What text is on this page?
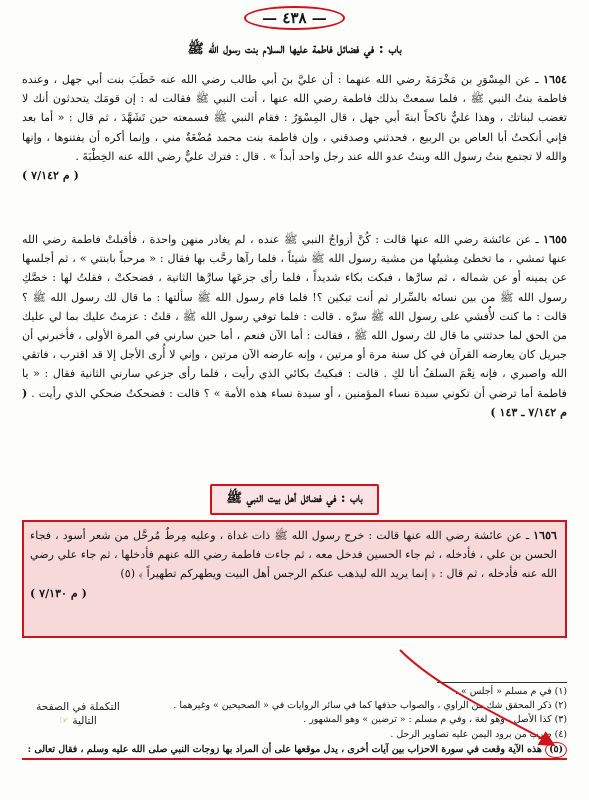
— ٤٣٨ —
باب : في فضائل فاطمة عليها السلام بنت رسول الله ﷺ

١٦٥٤ ـ عن المِسْوَرِ بن مَخْرَمَةَ رضي الله عنهما : أن عليَّ بنَ أبي طالب رضي الله عنه خَطَبَ بنت أبي جهل ، وعنده فاطمة بنتُ النبي ﷺ ، فلما سمعتْ بذلك فاطمة رضي الله عنها ، أتت النبي ﷺ فقالت له : إن قومَك يتحدثون أنك لا تغضب لبناتك ، وهذا عليٌّ ناكحاً ابنةَ أبي جهل ، قال المِسْوَرُ : فقام النبي ﷺ فسمعته حين تَشَهَّدَ ، ثم قال : « أما بعد فإني أنكحتُ أبا العاص بن الربيع ، فحدثني وصدقني ، وإن فاطمة بنت محمد مُضْغَةٌ مني ، وإنما أكره أن يفتنوها ، وإنها والله لا تجتمع بنتُ رسول الله وبنتُ عدو الله عند رجل واحد أبداً » . قال : فترك عليٌّ رضي الله عنه الخِطْبَةَ .

( م ٧/١٤٢ )

١٦٥٥ ـ عن عائشة رضي الله عنها قالت : كُنَّ أزواجُ النبي ﷺ عنده ، لم يغادر منهن واحدة ، فأقبلتْ فاطمة رضي الله عنها تمشي ، ما تخطئ مِشيتُها من مشية رسول الله ﷺ شيئاً ، فلما رآها رحَّب بها فقال : « مرحباً بابنتي » ، ثم أجلسها عن يمينه أو عن شماله ، ثم سارَّها ، فبكت بكاء شديداً ، فلما رأى جزعَها سارَّها الثانية ، فضحكتْ ، فقلتُ لها : خصَّكِ رسول الله ﷺ من بين نسائه بالسِّرار ثم أنت تبكين ؟! فلما قام رسول الله ﷺ سألتها : ما قال لك رسول الله ﷺ ؟ قالت : ما كنت لأُفشي على رسول الله ﷺ سرَّه . قالت : فلما توفي رسول الله ﷺ ، قلتُ : عزمتُ عليك بما لي عليك من الحق لما حدثتني ما قال لك رسول الله ﷺ ، فقالت : أما الآن فنعم ، أما حين سارني في المرة الأولى ، فأخبرني أن جبريل كان يعارضه القرآن في كل سنة مرة أو مرتين ، وإنه عارضه الآن مرتين ، وإني لا أُرى الأجل إلا قد اقترب ، فاتقي الله واصبري ، فإنه نِعْمَ السلفُ أنا لكِ . قالت : فبكيتُ بكائي الذي رأيت ، فلما رأى جزعي سارني الثانية فقال : « يا فاطمة أما ترضي أن تكوني سيدة نساء المؤمنين ، أو سيدة نساء هذه الأمة » ؟ قالت : فضحكتُ ضحكي الذي رأيت . ( م ٧/١٤٢ ـ ١٤٣ )

باب : في فضائل أهل بيت النبي ﷺ

١٦٥٦ ـ عن عائشة رضي الله عنها قالت : خرج رسول الله ﷺ ذات غداة ، وعليه مِرطٌ مُرحَّل من شعر أسود ، فجاء الحسن بن علي ، فأدخله ، ثم جاء الحسين فدخل معه ، ثم جاءت فاطمة رضي الله عنهم فأدخلها ، ثم جاء علي رضي الله عنه فأدخله ، ثم قال : ﴿ إنما يريد الله ليذهب عنكم الرجس أهل البيت ويطهركم تطهيراً ﴾ (٥)

( م ٧/١٣٠ )
(١) في م مسلم « أجلس » .
(٢) ذكر المحقق شك من الراوي ، والصواب حذفها كما في سائر الروايات في « الصحيحين » وغيرهما .
(٣) كذا الأصل ، وهو لغة ، وفي م مسلم : « ترضين » وهو المشهور .
(٤) ضرب من برود اليمن عليه تصاوير الرحل .
(٥) هذه الآية وقعت في سورة الاحزاب بين آيات أخرى ، يدل موقعها على أن المراد بها زوجات النبي صلى الله عليه وسلم ، فقال تعالى :
التكملة في الصفحة التالية ☞
